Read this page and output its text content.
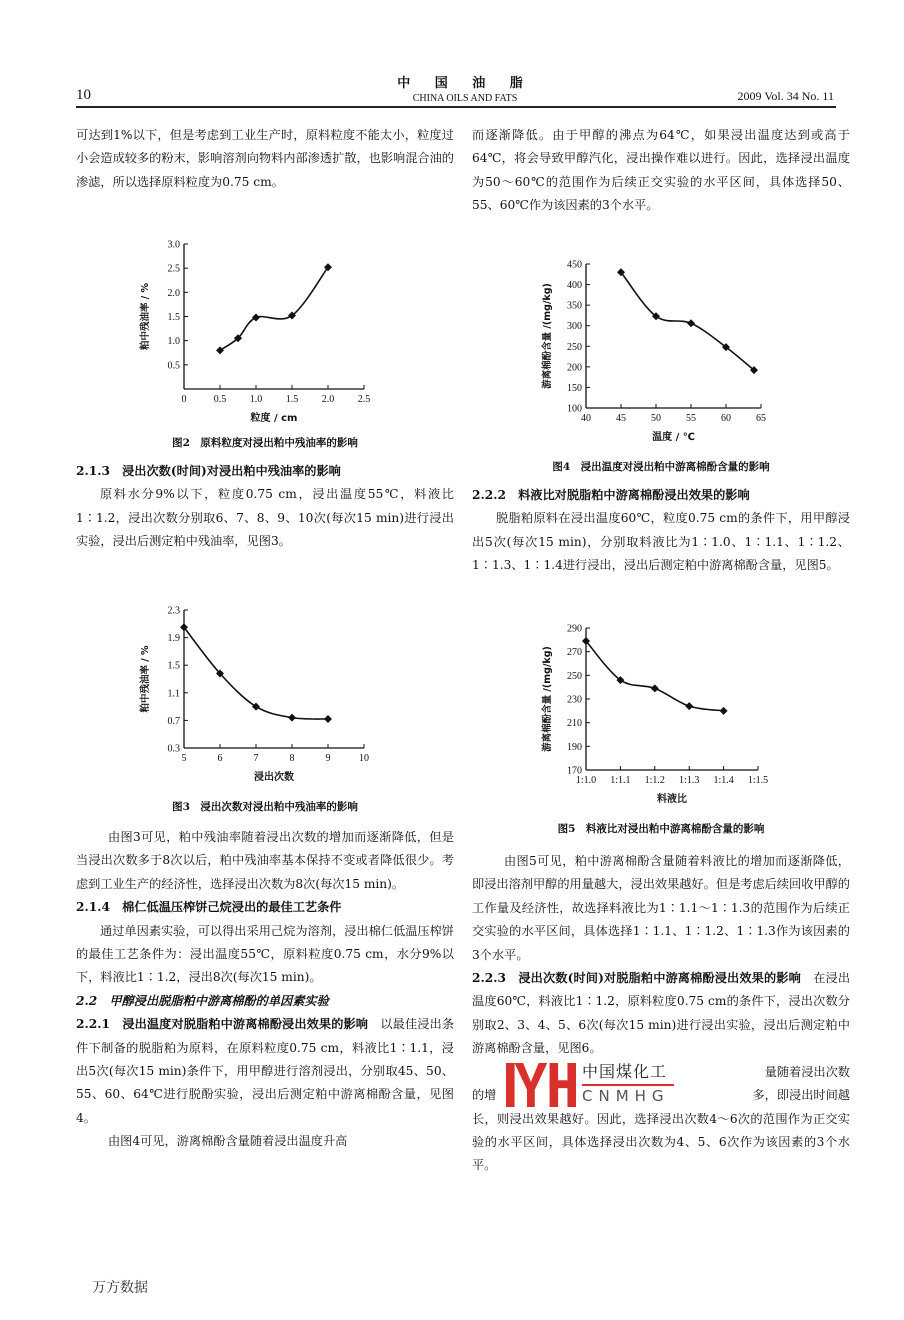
10
中 国 油 脂
CHINA OILS AND FATS	2009 Vol. 34 No. 11

可达到1%以下，但是考虑到工业生产时，原料粒度不能太小，粒度过小会造成较多的粉末，影响溶剂向物料内部渗透扩散，也影响混合油的渗滤，所以选择原料粒度为0.75 cm。

0.5
1.0
1.5
2.0
2.5
3.0
0	0.5 1.0 1.5 2.0 2.5
粒度 / cm
粕中残油率 / %

图2　原料粒度对浸出粕中残油率的影响

2.1.3　浸出次数(时间)对浸出粕中残油率的影响

原料水分9%以下，粒度0.75 cm，浸出温度55℃，料液比1∶1.2，浸出次数分别取6、7、8、9、10次(每次15 min)进行浸出实验，浸出后测定粕中残油率，见图3。

0.3
0.7
1.1
1.5
1.9
2.3
5	6	7	8	9	10
浸出次数
粕中残油率 / %

图3　浸出次数对浸出粕中残油率的影响

由图3可见，粕中残油率随着浸出次数的增加而逐渐降低，但是当浸出次数多于8次以后，粕中残油率基本保持不变或者降低很少。考虑到工业生产的经济性，选择浸出次数为8次(每次15 min)。

2.1.4　棉仁低温压榨饼己烷浸出的最佳工艺条件

通过单因素实验，可以得出采用己烷为溶剂，浸出棉仁低温压榨饼的最佳工艺条件为：浸出温度55℃，原料粒度0.75 cm，水分9%以下，料液比1∶1.2，浸出8次(每次15 min)。

2.2　甲醇浸出脱脂粕中游离棉酚的单因素实验

2.2.1　浸出温度对脱脂粕中游离棉酚浸出效果的影响　 以最佳浸出条件下制备的脱脂粕为原料，在原料粒度0.75 cm，料液比1∶1.1，浸出5次(每次15 min)条件下，用甲醇进行溶剂浸出，分别取45、50、55、60、64℃进行脱酚实验，浸出后测定粕中游离棉酚含量，见图4。

由图4可见，游离棉酚含量随着浸出温度升高

而逐渐降低。由于甲醇的沸点为64℃，如果浸出温度达到或高于64℃，将会导致甲醇汽化，浸出操作难以进行。因此，选择浸出温度为50～60℃的范围作为后续正交实验的水平区间，具体选择50、55、60℃作为该因素的3个水平。

100
150
200
250
300
350
400
450
40	45	50	55	60	65
温度 / ℃
游离棉酚含量 /(mg/kg)

图4　浸出温度对浸出粕中游离棉酚含量的影响

2.2.2　料液比对脱脂粕中游离棉酚浸出效果的影响

脱脂粕原料在浸出温度60℃，粒度0.75 cm的条件下，用甲醇浸出5次(每次15 min)，分别取料液比为1∶1.0、1∶1.1、1∶1.2、1∶1.3、1∶1.4进行浸出，浸出后测定粕中游离棉酚含量，见图5。

170
190
210
230
250
270
290
1:1.0 1:1.1 1:1.2 1:1.3 1:1.4 1:1.5
料液比
游离棉酚含量 /(mg/kg)

图5　料液比对浸出粕中游离棉酚含量的影响

由图5可见，粕中游离棉酚含量随着料液比的增加而逐渐降低，即浸出溶剂甲醇的用量越大，浸出效果越好。但是考虑后续回收甲醇的工作量及经济性，故选择料液比为1∶1.1～1∶1.3的范围作为后续正交实验的水平区间，具体选择1∶1.1、1∶1.2、1∶1.3作为该因素的3个水平。

2.2.3　浸出次数(时间)对脱脂粕中游离棉酚浸出效果的影响　 在浸出温度60℃，料液比1∶1.2，原料粒度0.75 cm的条件下，浸出次数分别取2、3、4、5、6次(每次15 min)进行浸出实验，浸出后测定粕中游离棉酚含量，见图6。

量随着浸出次数
的增	多，即浸出时间越
中国煤化工
CNMHG

长，则浸出效果越好。因此，选择浸出次数4～6次的范围作为正交实验的水平区间，具体选择浸出次数为4、5、6次作为该因素的3个水平。

万方数据
